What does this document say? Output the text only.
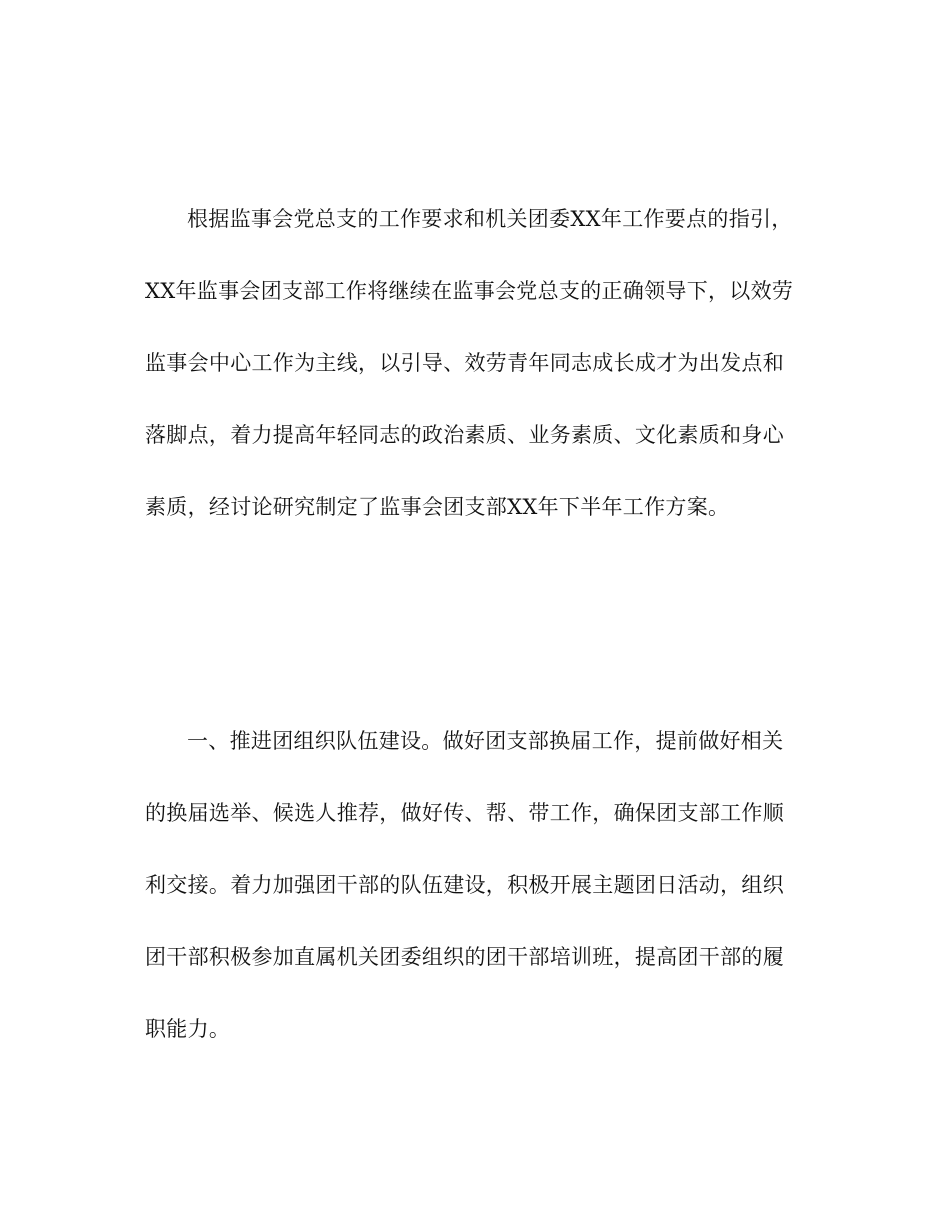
根据监事会党总支的工作要求和机关团委XX年工作要点的指引，
XX年监事会团支部工作将继续在监事会党总支的正确领导下，以效劳
监事会中心工作为主线，以引导、效劳青年同志成长成才为出发点和
落脚点，着力提高年轻同志的政治素质、业务素质、文化素质和身心
素质，经讨论研究制定了监事会团支部XX年下半年工作方案。

一、推进团组织队伍建设。做好团支部换届工作，提前做好相关
的换届选举、候选人推荐，做好传、帮、带工作，确保团支部工作顺
利交接。着力加强团干部的队伍建设，积极开展主题团日活动，组织
团干部积极参加直属机关团委组织的团干部培训班，提高团干部的履
职能力。
